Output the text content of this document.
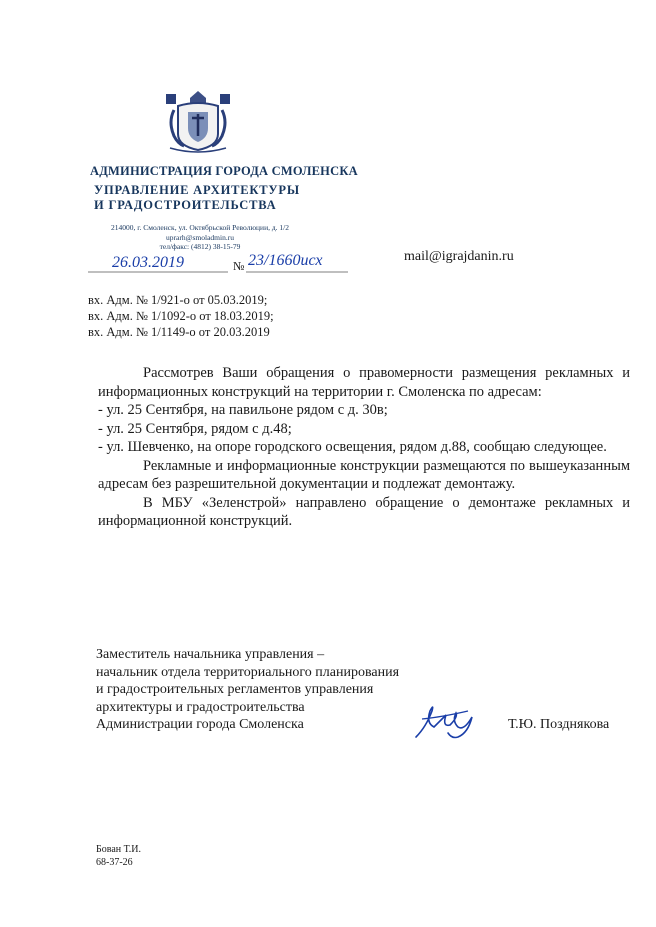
АДМИНИСТРАЦИЯ ГОРОДА СМОЛЕНСКА
УПРАВЛЕНИЕ АРХИТЕКТУРЫ
И ГРАДОСТРОИТЕЛЬСТВА
214000, г. Смоленск, ул. Октябрьской Революции, д. 1/2
uprarh@smoladmin.ru
тел/факс: (4812) 38-15-79
26.03.2019	№ 23/1660исх	mail@igrajdanin.ru
вх. Адм. № 1/921-о от 05.03.2019;
вх. Адм. № 1/1092-о от 18.03.2019;
вх. Адм. № 1/1149-о от 20.03.2019

Рассмотрев Ваши обращения о правомерности размещения рекламных и информационных конструкций на территории г. Смоленска по адресам:

- ул. 25 Сентября, на павильоне рядом с д. 30в;

- ул. 25 Сентября, рядом с д.48;

- ул. Шевченко, на опоре городского освещения, рядом д.88, сообщаю следующее.

Рекламные и информационные конструкции размещаются по вышеуказанным адресам без разрешительной документации и подлежат демонтажу.

В МБУ «Зеленстрой» направлено обращение о демонтаже рекламных и информационной конструкций.

Заместитель начальника управления –
начальник отдела территориального планирования
и градостроительных регламентов управления
архитектуры и градостроительства
Администрации города Смоленска	Т.Ю. Позднякова
Бован Т.И.
68-37-26
